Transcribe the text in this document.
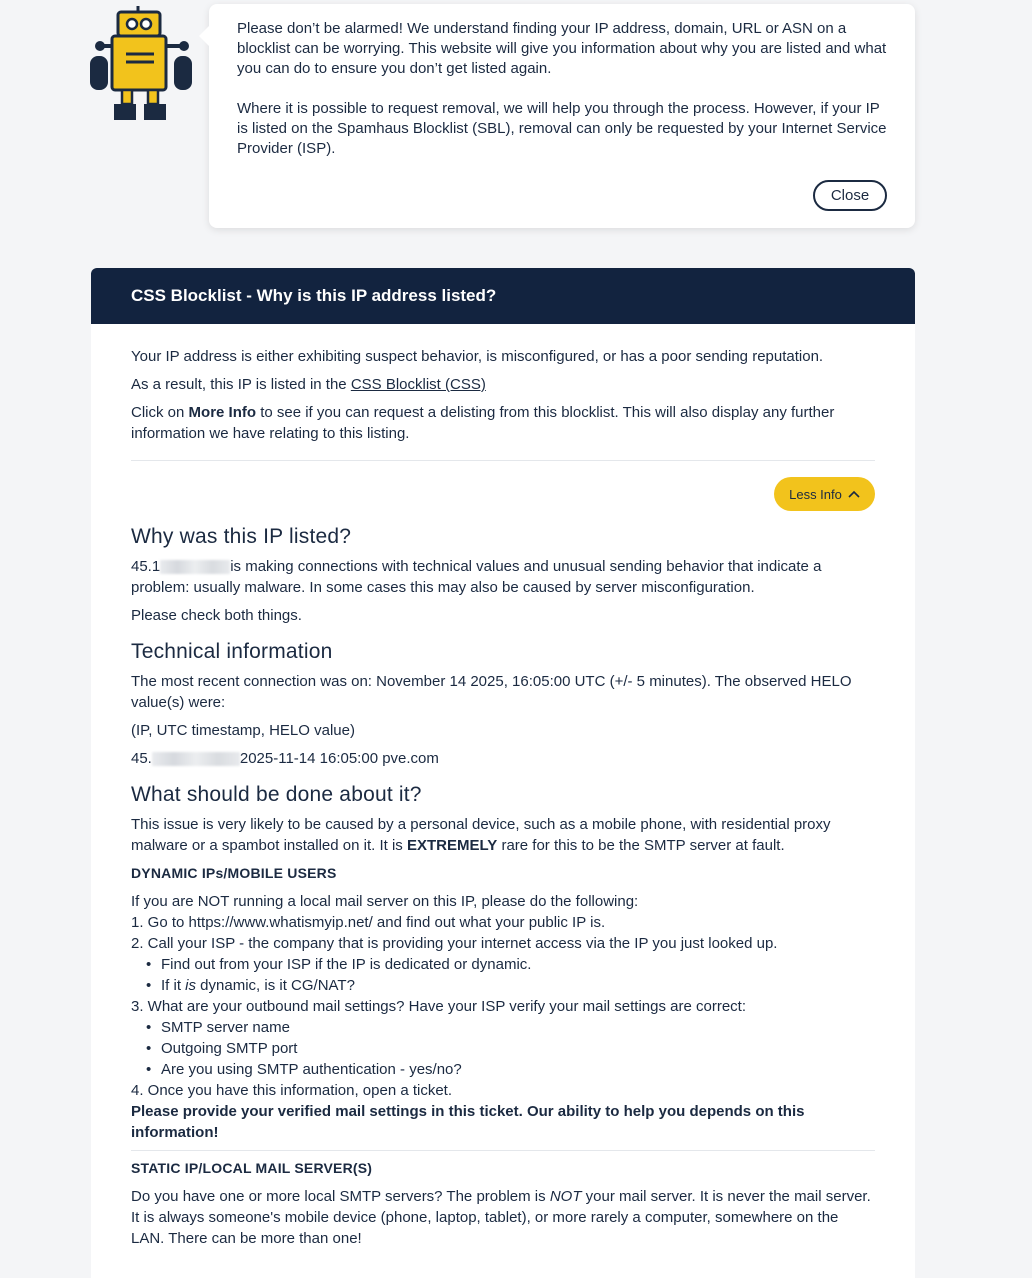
Please don’t be alarmed! We understand finding your IP address, domain, URL or ASN on a blocklist can be worrying. This website will give you information about why you are listed and what you can do to ensure you don’t get listed again.

Where it is possible to request removal, we will help you through the process. However, if your IP is listed on the Spamhaus Blocklist (SBL), removal can only be requested by your Internet Service Provider (ISP).

Close
CSS Blocklist - Why is this IP address listed?

Your IP address is either exhibiting suspect behavior, is misconfigured, or has a poor sending reputation.

As a result, this IP is listed in the CSS Blocklist (CSS)

Click on More Info to see if you can request a delisting from this blocklist. This will also display any further information we have relating to this listing.

Less Info
Why was this IP listed?

45.1	is making connections with technical values and unusual sending behavior that indicate a problem: usually malware. In some cases this may also be caused by server misconfiguration.

Please check both things.

Technical information

The most recent connection was on: November 14 2025, 16:05:00 UTC (+/- 5 minutes). The observed HELO value(s) were:

(IP, UTC timestamp, HELO value)

45.	2025-11-14 16:05:00 pve.com

What should be done about it?

This issue is very likely to be caused by a personal device, such as a mobile phone, with residential proxy malware or a spambot installed on it. It is EXTREMELY rare for this to be the SMTP server at fault.

DYNAMIC IPs/MOBILE USERS

If you are NOT running a local mail server on this IP, please do the following:
1. Go to https://www.whatismyip.net/ and find out what your public IP is.
2. Call your ISP - the company that is providing your internet access via the IP you just looked up.
• Find out from your ISP if the IP is dedicated or dynamic.
• If it is dynamic, is it CG/NAT?
3. What are your outbound mail settings? Have your ISP verify your mail settings are correct:
• SMTP server name
• Outgoing SMTP port
• Are you using SMTP authentication - yes/no?
4. Once you have this information, open a ticket.

Please provide your verified mail settings in this ticket. Our ability to help you depends on this information!

STATIC IP/LOCAL MAIL SERVER(S)

Do you have one or more local SMTP servers? The problem is NOT your mail server. It is never the mail server. It is always someone's mobile device (phone, laptop, tablet), or more rarely a computer, somewhere on the LAN. There can be more than one!
